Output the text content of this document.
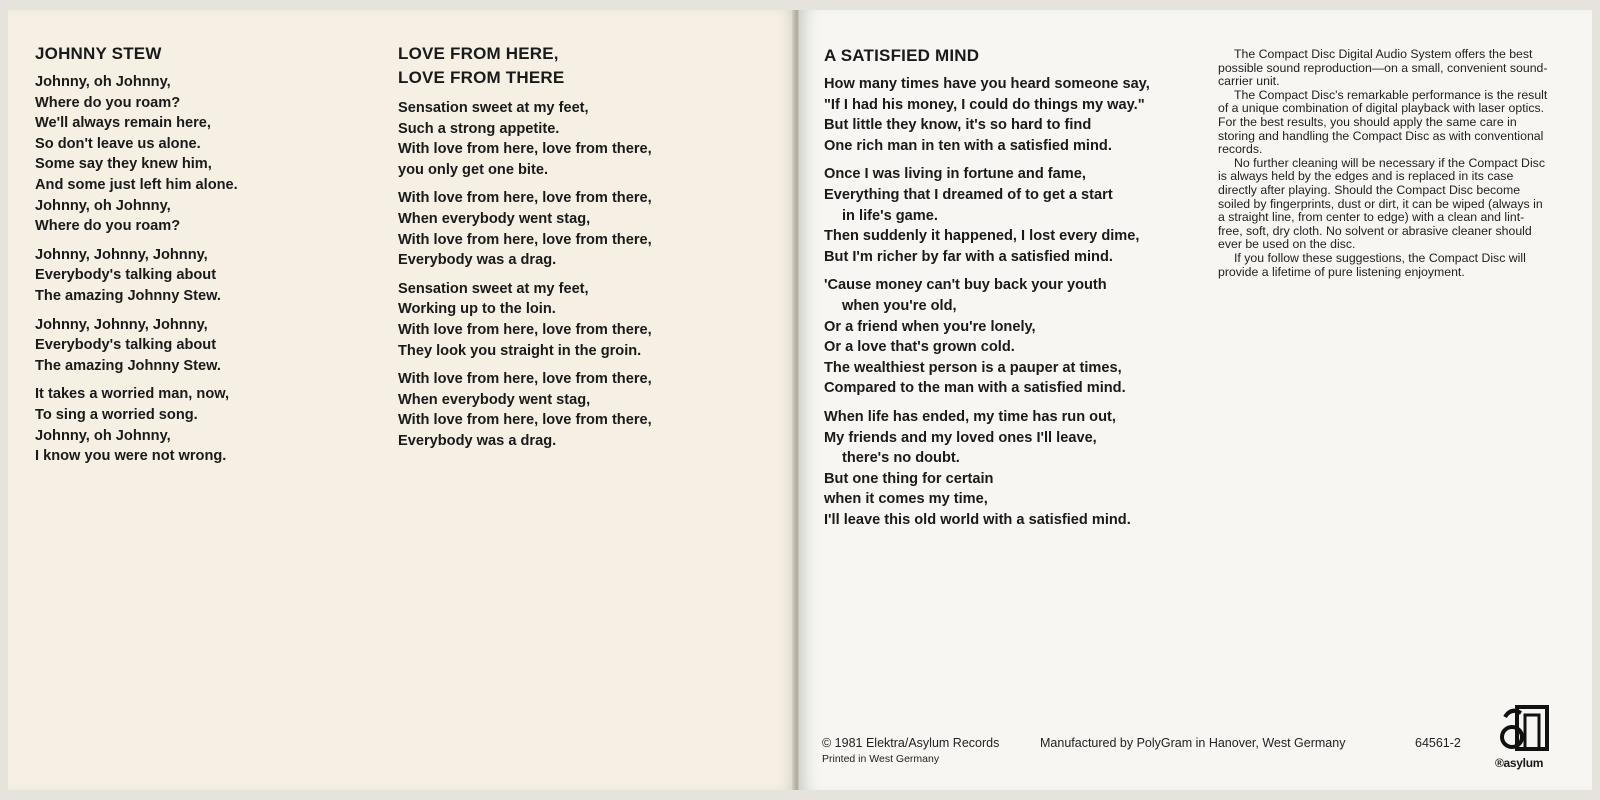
JOHNNY STEW
Johnny, oh Johnny,
Where do you roam?
We'll always remain here,
So don't leave us alone.
Some say they knew him,
And some just left him alone.
Johnny, oh Johnny,
Where do you roam?
Johnny, Johnny, Johnny,
Everybody's talking about
The amazing Johnny Stew.
Johnny, Johnny, Johnny,
Everybody's talking about
The amazing Johnny Stew.
It takes a worried man, now,
To sing a worried song.
Johnny, oh Johnny,
I know you were not wrong.
LOVE FROM HERE,
LOVE FROM THERE
Sensation sweet at my feet,
Such a strong appetite.
With love from here, love from there,
you only get one bite.
With love from here, love from there,
When everybody went stag,
With love from here, love from there,
Everybody was a drag.
Sensation sweet at my feet,
Working up to the loin.
With love from here, love from there,
They look you straight in the groin.
With love from here, love from there,
When everybody went stag,
With love from here, love from there,
Everybody was a drag.
A SATISFIED MIND
How many times have you heard someone say,
"If I had his money, I could do things my way."
But little they know, it's so hard to find
One rich man in ten with a satisfied mind.
Once I was living in fortune and fame,
Everything that I dreamed of to get a start
in life's game.
Then suddenly it happened, I lost every dime,
But I'm richer by far with a satisfied mind.
'Cause money can't buy back your youth
when you're old,
Or a friend when you're lonely,
Or a love that's grown cold.
The wealthiest person is a pauper at times,
Compared to the man with a satisfied mind.
When life has ended, my time has run out,
My friends and my loved ones I'll leave,
there's no doubt.
But one thing for certain
when it comes my time,
I'll leave this old world with a satisfied mind.

The Compact Disc Digital Audio System offers the best possible sound reproduction—on a small, convenient sound-carrier unit.

The Compact Disc's remarkable performance is the result of a unique combination of digital playback with laser optics. For the best results, you should apply the same care in storing and handling the Compact Disc as with conventional records.

No further cleaning will be necessary if the Compact Disc is always held by the edges and is replaced in its case directly after playing. Should the Compact Disc become soiled by fingerprints, dust or dirt, it can be wiped (always in a straight line, from center to edge) with a clean and lint-free, soft, dry cloth. No solvent or abrasive cleaner should ever be used on the disc.

If you follow these suggestions, the Compact Disc will provide a lifetime of pure listening enjoyment.

© 1981 Elektra/Asylum Records	Manufactured by PolyGram in Hanover, West Germany	64561-2
Printed in West Germany	®asylum
